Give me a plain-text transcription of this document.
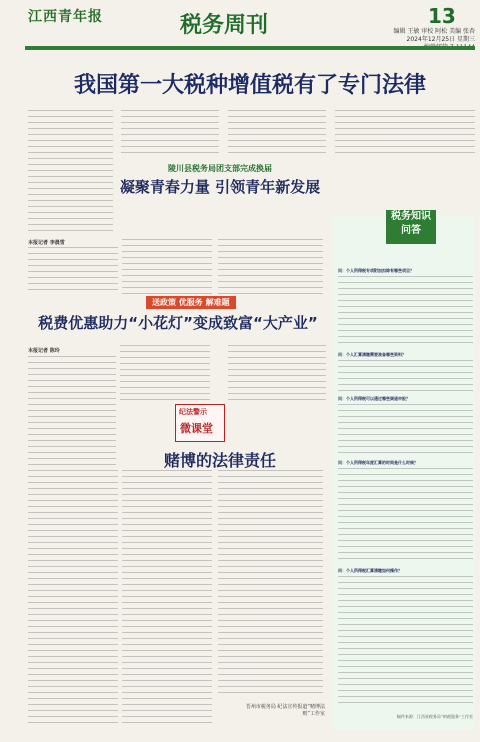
江西青年报	税务周刊	13
编辑 王敏 审校 阿松 美编 张杏 2024年12月25日 星期三
我国第一大税种增值税有了专门法律
陵川县税务局团支部完成换届
凝聚青春力量 引领青年新发展
本报记者 李晨雪
送政策 优服务 解难题
税费优惠助力“小花灯”变成致富“大产业”
本报记者 陈玲
纪法警示
微课堂
赌博的法律责任
晋州市税务局 纪法宣传报道“赌博法则”工作室
税务知识
问答
问：个人所得税专项附加扣除有哪些项目？
问：个人汇算清缴需要准备哪些资料？
问：个人所得税可以通过哪些渠道申报？
问：个人所得税年度汇算的时间是什么时候？
问：个人所得税汇算清缴如何操作？
稿件来源：江西省税务局“纳税服务”工作室
